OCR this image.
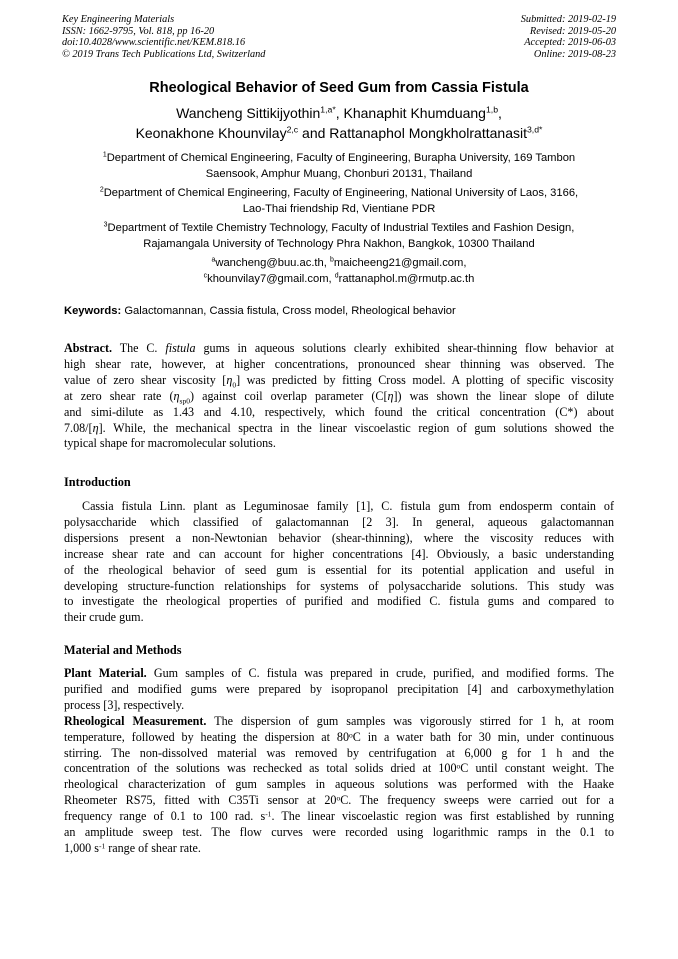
Key Engineering Materials
ISSN: 1662-9795, Vol. 818, pp 16-20
doi:10.4028/www.scientific.net/KEM.818.16
© 2019 Trans Tech Publications Ltd, Switzerland
Submitted: 2019-02-19
Revised: 2019-05-20
Accepted: 2019-06-03
Online: 2019-08-23
Rheological Behavior of Seed Gum from Cassia Fistula
Wancheng Sittikijyothin$^{1,a*}$, Khanaphit Khumduang$^{1,b}$,
Keonakhone Khounvilay$^{2,c}$ and Rattanaphol Mongkholrattanasit$^{3,d*}$
$^1$Department of Chemical Engineering, Faculty of Engineering, Burapha University, 169 Tambon
Saensook, Amphur Muang, Chonburi 20131, Thailand
$^2$Department of Chemical Engineering, Faculty of Engineering, National University of Laos, 3166,
Lao-Thai friendship Rd, Vientiane PDR
$^3$Department of Textile Chemistry Technology, Faculty of Industrial Textiles and Fashion Design,
Rajamangala University of Technology Phra Nakhon, Bangkok, 10300 Thailand
$^a$wancheng@buu.ac.th, $^b$maicheeng21@gmail.com,
$^c$khounvilay7@gmail.com, $^d$rattanaphol.m@rmutp.ac.th
Keywords: Galactomannan, Cassia fistula, Cross model, Rheological behavior
Abstract. The C. fistula gums in aqueous solutions clearly exhibited shear-thinning flow behavior at
high shear rate, however, at higher concentrations, pronounced shear thinning was observed. The
value of zero shear viscosity $[\eta_0]$ was predicted by fitting Cross model. A plotting of specific viscosity
at zero shear rate $(\eta_{sp0})$ against coil overlap parameter (C[η]) was shown the linear slope of dilute
and simi-dilute as 1.43 and 4.10, respectively, which found the critical concentration (C*) about
7.08/[η]. While, the mechanical spectra in the linear viscoelastic region of gum solutions showed the
typical shape for macromolecular solutions.
Introduction
Cassia fistula Linn. plant as Leguminosae family [1], C. fistula gum from endosperm contain of
polysaccharide which classified of galactomannan [2 3]. In general, aqueous galactomannan
dispersions present a non-Newtonian behavior (shear-thinning), where the viscosity reduces with
increase shear rate and can account for higher concentrations [4]. Obviously, a basic understanding
of the rheological behavior of seed gum is essential for its potential application and useful in
developing structure-function relationships for systems of polysaccharide solutions. This study was
to investigate the rheological properties of purified and modified C. fistula gums and compared to
their crude gum.
Material and Methods
Plant Material. Gum samples of C. fistula was prepared in crude, purified, and modified forms. The
purified and modified gums were prepared by isopropanol precipitation [4] and carboxymethylation
process [3], respectively.
Rheological Measurement. The dispersion of gum samples was vigorously stirred for 1 h, at room
temperature, followed by heating the dispersion at 80$^o$C in a water bath for 30 min, under continuous
stirring. The non-dissolved material was removed by centrifugation at 6,000 g for 1 h and the
concentration of the solutions was rechecked as total solids dried at 100$^o$C until constant weight. The
rheological characterization of gum samples in aqueous solutions was performed with the Haake
Rheometer RS75, fitted with C35Ti sensor at 20$^o$C. The frequency sweeps were carried out for a
frequency range of 0.1 to 100 rad. $s^{-1}$. The linear viscoelastic region was first established by running
an amplitude sweep test. The flow curves were recorded using logarithmic ramps in the 0.1 to
1,000 $s^{-1}$ range of shear rate.
